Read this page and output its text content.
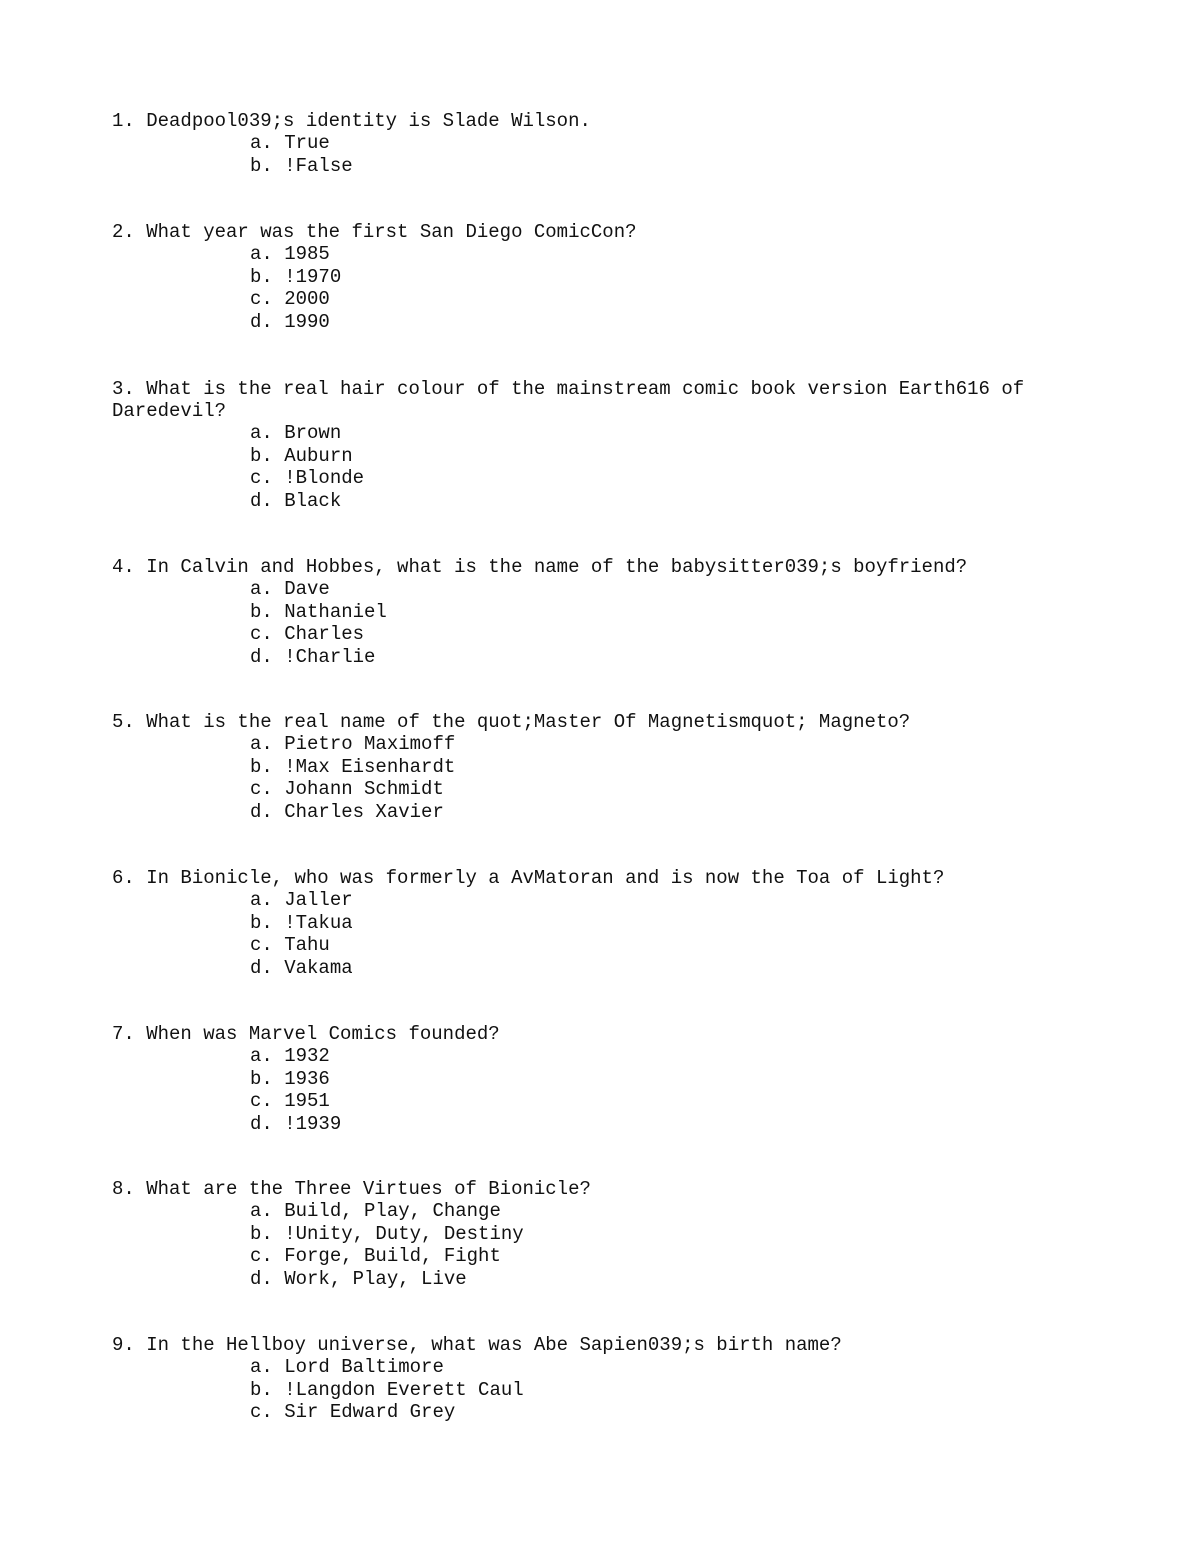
1. Deadpool039;s identity is Slade Wilson.
a. True
b. !False
2. What year was the first San Diego ComicCon?
a. 1985
b. !1970
c. 2000
d. 1990
3. What is the real hair colour of the mainstream comic book version Earth616 of Daredevil?
a. Brown
b. Auburn
c. !Blonde
d. Black
4. In Calvin and Hobbes, what is the name of the babysitter039;s boyfriend?
a. Dave
b. Nathaniel
c. Charles
d. !Charlie
5. What is the real name of the quot;Master Of Magnetismquot; Magneto?
a. Pietro Maximoff
b. !Max Eisenhardt
c. Johann Schmidt
d. Charles Xavier
6. In Bionicle, who was formerly a AvMatoran and is now the Toa of Light?
a. Jaller
b. !Takua
c. Tahu
d. Vakama
7. When was Marvel Comics founded?
a. 1932
b. 1936
c. 1951
d. !1939
8. What are the Three Virtues of Bionicle?
a. Build, Play, Change
b. !Unity, Duty, Destiny
c. Forge, Build, Fight
d. Work, Play, Live
9. In the Hellboy universe, what was Abe Sapien039;s birth name?
a. Lord Baltimore
b. !Langdon Everett Caul
c. Sir Edward Grey
